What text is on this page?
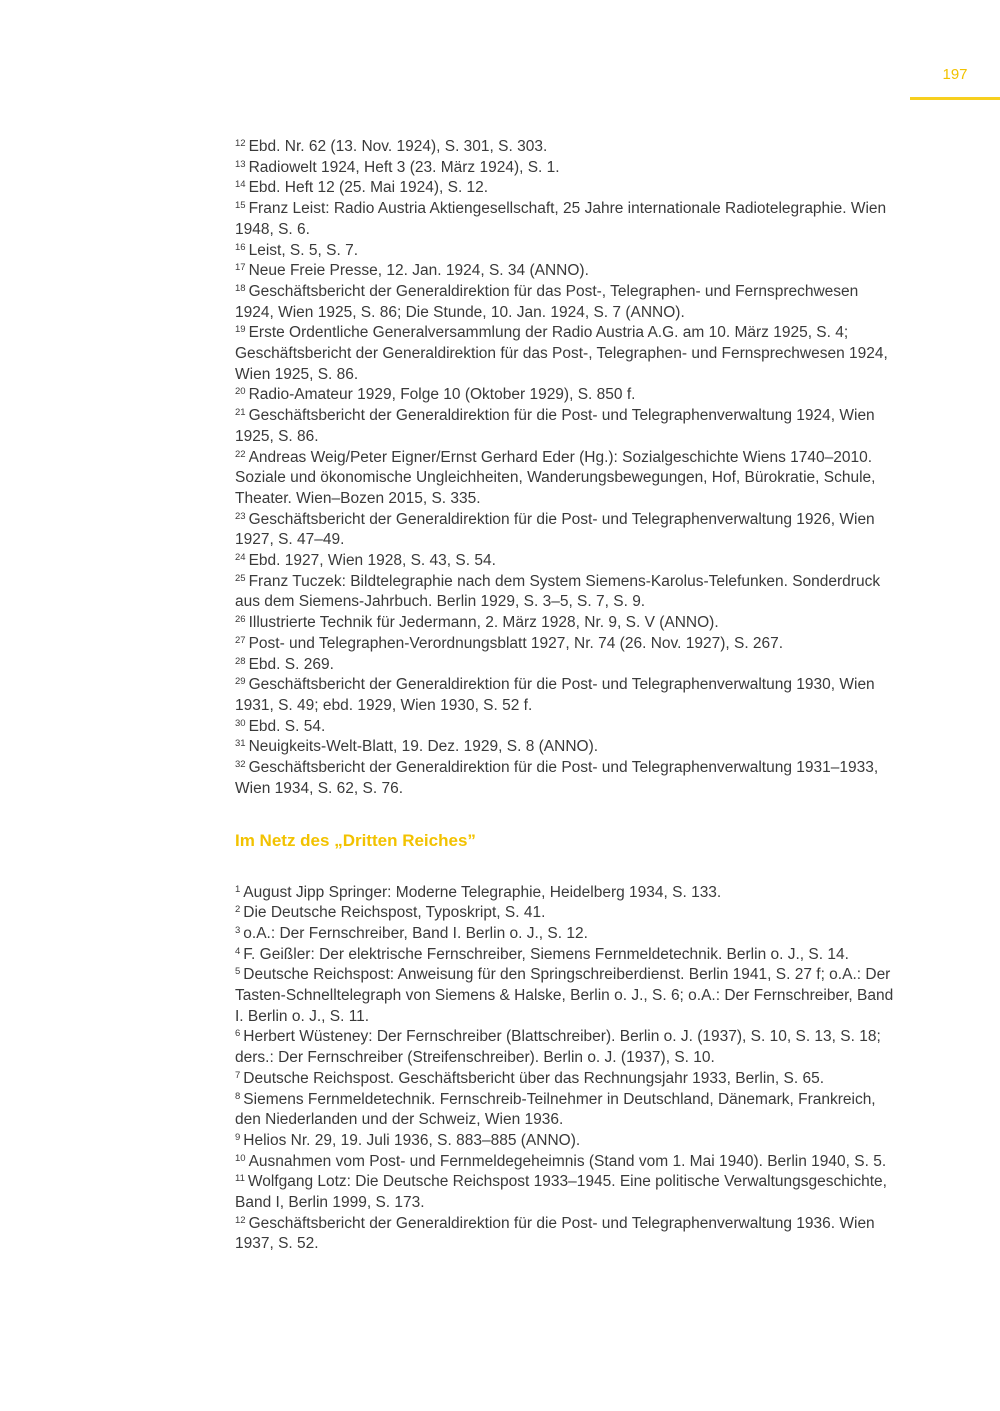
197

$^{12}$ Ebd. Nr. 62 (13. Nov. 1924), S. 301, S. 303.

$^{13}$ Radiowelt 1924, Heft 3 (23. März 1924), S. 1.

$^{14}$ Ebd. Heft 12 (25. Mai 1924), S. 12.

$^{15}$ Franz Leist: Radio Austria Aktiengesellschaft, 25 Jahre internationale Radiotelegraphie. Wien 1948, S. 6.

$^{16}$ Leist, S. 5, S. 7.

$^{17}$ Neue Freie Presse, 12. Jan. 1924, S. 34 (ANNO).

$^{18}$ Geschäftsbericht der Generaldirektion für das Post-, Telegraphen- und Fernsprechwesen 1924, Wien 1925, S. 86; Die Stunde, 10. Jan. 1924, S. 7 (ANNO).

$^{19}$ Erste Ordentliche Generalversammlung der Radio Austria A.G. am 10. März 1925, S. 4; Geschäftsbericht der Generaldirektion für das Post-, Telegraphen- und Fernsprechwesen 1924, Wien 1925, S. 86.

$^{20}$ Radio-Amateur 1929, Folge 10 (Oktober 1929), S. 850 f.

$^{21}$ Geschäftsbericht der Generaldirektion für die Post- und Telegraphenverwaltung 1924, Wien 1925, S. 86.

$^{22}$ Andreas Weig/Peter Eigner/Ernst Gerhard Eder (Hg.): Sozialgeschichte Wiens 1740–2010. Soziale und ökonomische Ungleichheiten, Wanderungsbewegungen, Hof, Bürokratie, Schule, Theater. Wien–Bozen 2015, S. 335.

$^{23}$ Geschäftsbericht der Generaldirektion für die Post- und Telegraphenverwaltung 1926, Wien 1927, S. 47–49.

$^{24}$ Ebd. 1927, Wien 1928, S. 43, S. 54.

$^{25}$ Franz Tuczek: Bildtelegraphie nach dem System Siemens-Karolus-Telefunken. Sonderdruck aus dem Siemens-Jahrbuch. Berlin 1929, S. 3–5, S. 7, S. 9.

$^{26}$ Illustrierte Technik für Jedermann, 2. März 1928, Nr. 9, S. V (ANNO).

$^{27}$ Post- und Telegraphen-Verordnungsblatt 1927, Nr. 74 (26. Nov. 1927), S. 267.

$^{28}$ Ebd. S. 269.

$^{29}$ Geschäftsbericht der Generaldirektion für die Post- und Telegraphenverwaltung 1930, Wien 1931, S. 49; ebd. 1929, Wien 1930, S. 52 f.

$^{30}$ Ebd. S. 54.

$^{31}$ Neuigkeits-Welt-Blatt, 19. Dez. 1929, S. 8 (ANNO).

$^{32}$ Geschäftsbericht der Generaldirektion für die Post- und Telegraphenverwaltung 1931–1933, Wien 1934, S. 62, S. 76.

Im Netz des „Dritten Reiches”

$^1$ August Jipp Springer: Moderne Telegraphie, Heidelberg 1934, S. 133.

$^2$ Die Deutsche Reichspost, Typoskript, S. 41.

$^3$ o.A.: Der Fernschreiber, Band I. Berlin o. J., S. 12.

$^4$ F. Geißler: Der elektrische Fernschreiber, Siemens Fernmeldetechnik. Berlin o. J., S. 14.

$^5$ Deutsche Reichspost: Anweisung für den Springschreiberdienst. Berlin 1941, S. 27 f; o.A.: Der Tasten-Schnelltelegraph von Siemens & Halske, Berlin o. J., S. 6; o.A.: Der Fernschreiber, Band I. Berlin o. J., S. 11.

$^6$ Herbert Wüsteney: Der Fernschreiber (Blattschreiber). Berlin o. J. (1937), S. 10, S. 13, S. 18; ders.: Der Fernschreiber (Streifenschreiber). Berlin o. J. (1937), S. 10.

$^7$ Deutsche Reichspost. Geschäftsbericht über das Rechnungsjahr 1933, Berlin, S. 65.

$^8$ Siemens Fernmeldetechnik. Fernschreib-Teilnehmer in Deutschland, Dänemark, Frankreich, den Niederlanden und der Schweiz, Wien 1936.

$^9$ Helios Nr. 29, 19. Juli 1936, S. 883–885 (ANNO).

$^{10}$ Ausnahmen vom Post- und Fernmeldegeheimnis (Stand vom 1. Mai 1940). Berlin 1940, S. 5.

$^{11}$ Wolfgang Lotz: Die Deutsche Reichspost 1933–1945. Eine politische Verwaltungsgeschichte, Band I, Berlin 1999, S. 173.

$^{12}$ Geschäftsbericht der Generaldirektion für die Post- und Telegraphenverwaltung 1936. Wien 1937, S. 52.
